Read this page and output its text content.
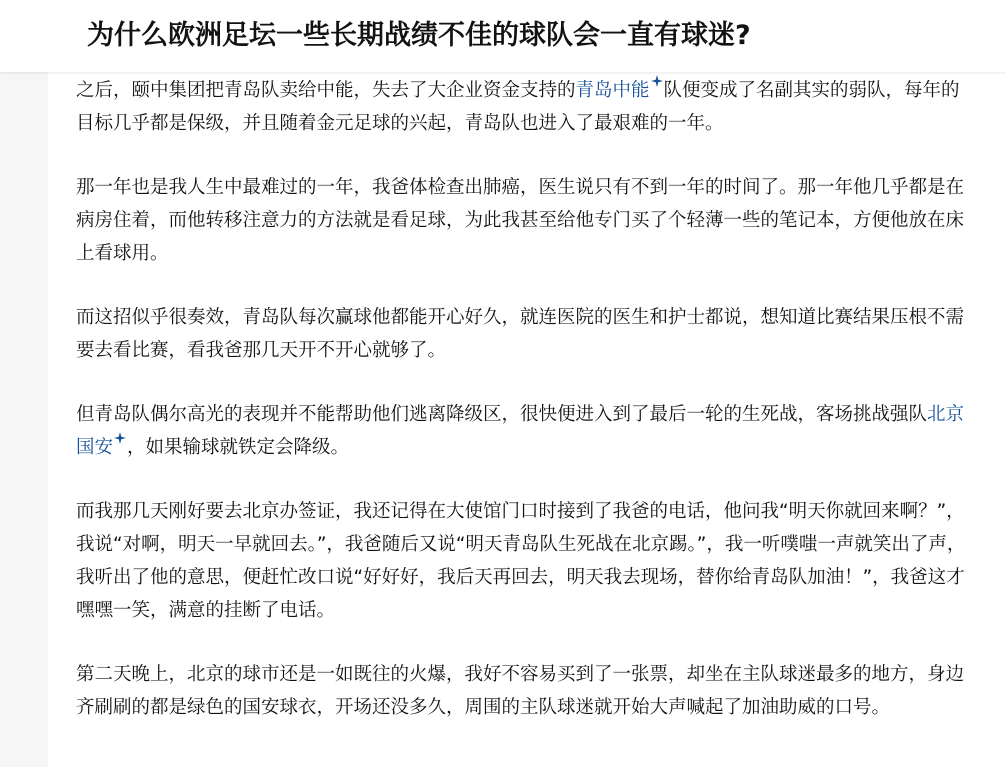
为什么欧洲足坛一些长期战绩不佳的球队会一直有球迷?

之后，颐中集团把青岛队卖给中能，失去了大企业资金支持的青岛中能 队便变成了名副其实的弱队，每年的目标几乎都是保级，并且随着金元足球的兴起，青岛队也进入了最艰难的一年。

那一年也是我人生中最难过的一年，我爸体检查出肺癌，医生说只有不到一年的时间了。那一年他几乎都是在病房住着，而他转移注意力的方法就是看足球，为此我甚至给他专门买了个轻薄一些的笔记本，方便他放在床上看球用。

而这招似乎很奏效，青岛队每次赢球他都能开心好久，就连医院的医生和护士都说，想知道比赛结果压根不需要去看比赛，看我爸那几天开不开心就够了。

但青岛队偶尔高光的表现并不能帮助他们逃离降级区，很快便进入到了最后一轮的生死战，客场挑战强队北京国安 ，如果输球就铁定会降级。

而我那几天刚好要去北京办签证，我还记得在大使馆门口时接到了我爸的电话，他问我“明天你就回来啊？”，我说“对啊，明天一早就回去。”，我爸随后又说“明天青岛队生死战在北京踢。”，我一听噗嗤一声就笑出了声，我听出了他的意思，便赶忙改口说“好好好，我后天再回去，明天我去现场，替你给青岛队加油！”，我爸这才嘿嘿一笑，满意的挂断了电话。

第二天晚上，北京的球市还是一如既往的火爆，我好不容易买到了一张票，却坐在主队球迷最多的地方，身边齐刷刷的都是绿色的国安球衣，开场还没多久，周围的主队球迷就开始大声喊起了加油助威的口号。
